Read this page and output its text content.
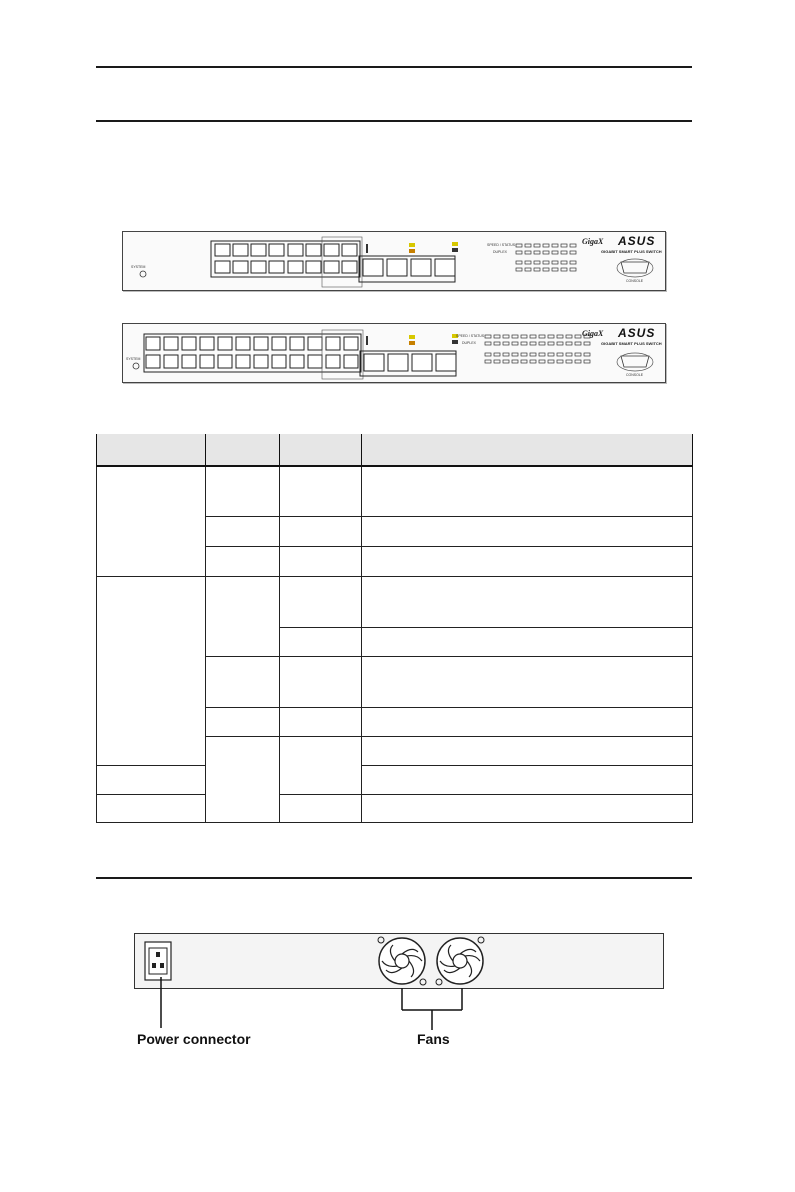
SYSTEM
GigaX ASUS
GIGABIT SMART PLUS SWITCH
SPEED / STATUS
DUPLEX
CONSOLE
SYSTEM
GigaX ASUS
GIGABIT SMART PLUS SWITCH
SPEED / STATUS
DUPLEX
CONSOLE

Power connector	Fans
